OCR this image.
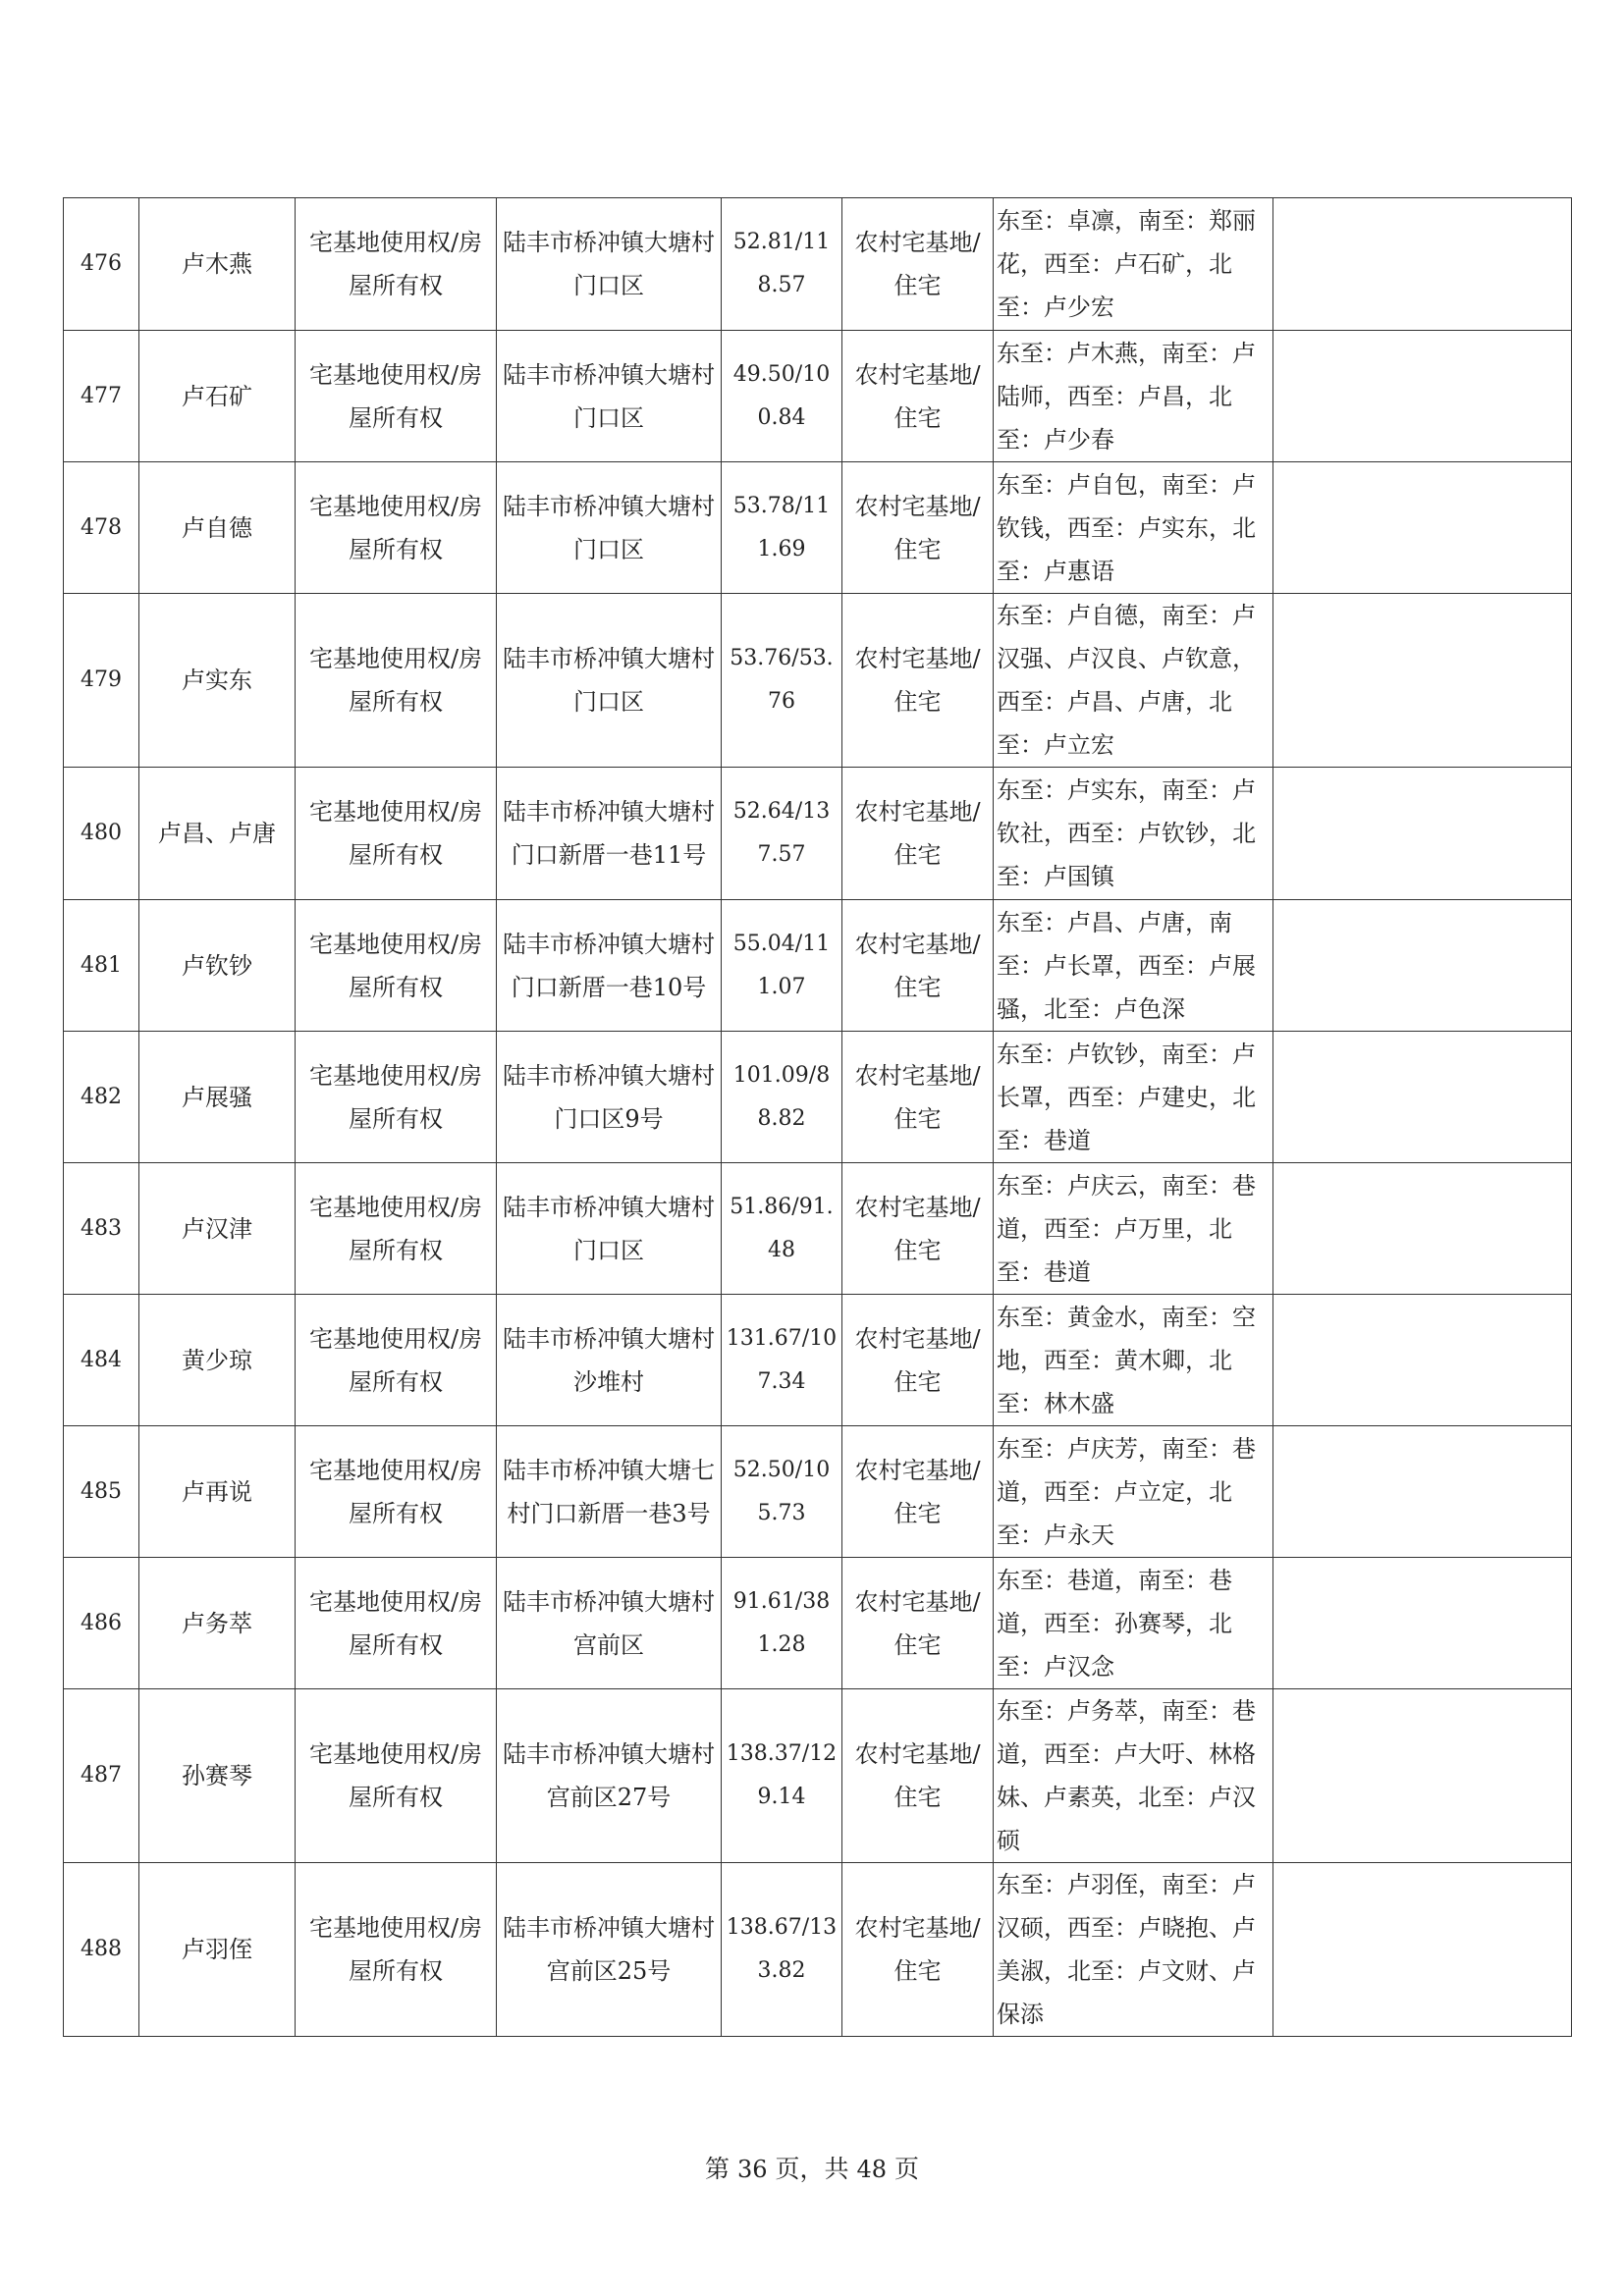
476	卢木燕	宅基地使用权/房屋所有权	陆丰市桥冲镇大塘村门口区	52.81/118.57	农村宅基地/住宅	东至：卓凛，南至：郑丽花，西至：卢石矿，北至：卢少宏	
477	卢石矿	宅基地使用权/房屋所有权	陆丰市桥冲镇大塘村门口区	49.50/100.84	农村宅基地/住宅	东至：卢木燕，南至：卢陆师，西至：卢昌，北至：卢少春	
478	卢自德	宅基地使用权/房屋所有权	陆丰市桥冲镇大塘村门口区	53.78/111.69	农村宅基地/住宅	东至：卢自包，南至：卢钦钱，西至：卢实东，北至：卢惠语	
479	卢实东	宅基地使用权/房屋所有权	陆丰市桥冲镇大塘村门口区	53.76/53.76	农村宅基地/住宅	东至：卢自德，南至：卢汉强、卢汉良、卢钦意，西至：卢昌、卢唐，北至：卢立宏	
480	卢昌、卢唐	宅基地使用权/房屋所有权	陆丰市桥冲镇大塘村门口新厝一巷11号	52.64/137.57	农村宅基地/住宅	东至：卢实东，南至：卢钦社，西至：卢钦钞，北至：卢国镇	
481	卢钦钞	宅基地使用权/房屋所有权	陆丰市桥冲镇大塘村门口新厝一巷10号	55.04/111.07	农村宅基地/住宅	东至：卢昌、卢唐，南至：卢长罩，西至：卢展骚，北至：卢色深	
482	卢展骚	宅基地使用权/房屋所有权	陆丰市桥冲镇大塘村门口区9号	101.09/88.82	农村宅基地/住宅	东至：卢钦钞，南至：卢长罩，西至：卢建史，北至：巷道	
483	卢汉津	宅基地使用权/房屋所有权	陆丰市桥冲镇大塘村门口区	51.86/91.48	农村宅基地/住宅	东至：卢庆云，南至：巷道，西至：卢万里，北至：巷道	
484	黄少琼	宅基地使用权/房屋所有权	陆丰市桥冲镇大塘村沙堆村	131.67/107.34	农村宅基地/住宅	东至：黄金水，南至：空地，西至：黄木卿，北至：林木盛	
485	卢再说	宅基地使用权/房屋所有权	陆丰市桥冲镇大塘七村门口新厝一巷3号	52.50/105.73	农村宅基地/住宅	东至：卢庆芳，南至：巷道，西至：卢立定，北至：卢永天	
486	卢务萃	宅基地使用权/房屋所有权	陆丰市桥冲镇大塘村宫前区	91.61/381.28	农村宅基地/住宅	东至：巷道，南至：巷道，西至：孙赛琴，北至：卢汉念	
487	孙赛琴	宅基地使用权/房屋所有权	陆丰市桥冲镇大塘村宫前区27号	138.37/129.14	农村宅基地/住宅	东至：卢务萃，南至：巷道，西至：卢大吁、林格妹、卢素英，北至：卢汉硕	
488	卢羽侄	宅基地使用权/房屋所有权	陆丰市桥冲镇大塘村宫前区25号	138.67/133.82	农村宅基地/住宅	东至：卢羽侄，南至：卢汉硕，西至：卢晓抱、卢美淑，北至：卢文财、卢保添	
第 36 页，共 48 页
